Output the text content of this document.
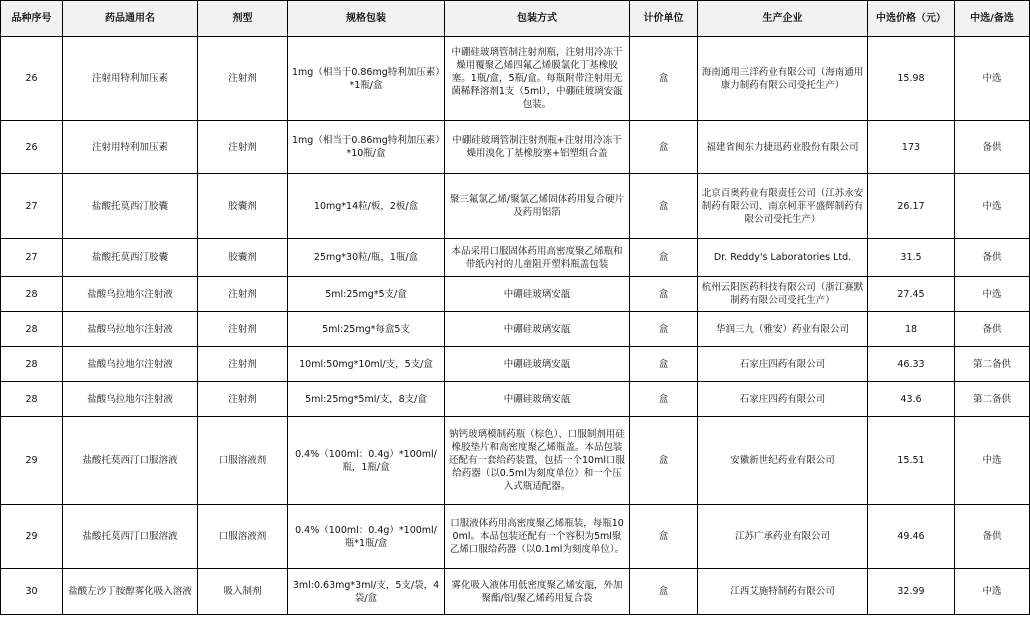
品种序号	药品通用名	剂型	规格包装	包装方式	计价单位	生产企业	中选价格（元）	中选/备选
26	注射用特利加压素	注射剂	1mg（相当于0.86mg特利加压素）*1瓶/盒	中硼硅玻璃管制注射剂瓶，注射用冷冻干燥用覆聚乙烯四氟乙烯膜氯化丁基橡胶塞。1瓶/盒，5瓶/盒。每瓶附带注射用无菌稀释溶剂1支（5ml），中硼硅玻璃安瓿包装。	盒	海南通用三洋药业有限公司（海南通用康力制药有限公司受托生产）	15.98	中选
26	注射用特利加压素	注射剂	1mg（相当于0.86mg特利加压素）*10瓶/盒	中硼硅玻璃管制注射剂瓶+注射用冷冻干燥用溴化丁基橡胶塞+铝塑组合盖	盒	福建省闽东力捷迅药业股份有限公司	173	备供
27	盐酸托莫西汀胶囊	胶囊剂	10mg*14粒/板，2板/盒	聚三氟氯乙烯/聚氯乙烯固体药用复合硬片及药用铝箔	盒	北京百奥药业有限责任公司（江苏永安制药有限公司、南京柯菲平盛辉制药有限公司受托生产）	26.17	中选
27	盐酸托莫西汀胶囊	胶囊剂	25mg*30粒/瓶，1瓶/盒	本品采用口服固体药用高密度聚乙烯瓶和带纸内衬的儿童阻开塑料瓶盖包装	盒	Dr. Reddy's Laboratories Ltd.	31.5	备供
28	盐酸乌拉地尔注射液	注射剂	5ml:25mg*5支/盒	中硼硅玻璃安瓿	盒	杭州云阳医药科技有限公司（浙江赛默制药有限公司受托生产）	27.45	中选
28	盐酸乌拉地尔注射液	注射剂	5ml:25mg*每盒5支	中硼硅玻璃安瓿	盒	华润三九（雅安）药业有限公司	18	备供
28	盐酸乌拉地尔注射液	注射剂	10ml:50mg*10ml/支，5支/盒	中硼硅玻璃安瓿	盒	石家庄四药有限公司	46.33	第二备供
28	盐酸乌拉地尔注射液	注射剂	5ml:25mg*5ml/支，8支/盒	中硼硅玻璃安瓿	盒	石家庄四药有限公司	43.6	第二备供
29	盐酸托莫西汀口服溶液	口服溶液剂	0.4%（100ml：0.4g）*100ml/瓶，1瓶/盒	钠钙玻璃模制药瓶（棕色）、口服制剂用硅橡胶垫片和高密度聚乙烯瓶盖。本品包装还配有一套给药装置，包括一个10ml口服给药器（以0.5ml为刻度单位）和一个压入式瓶适配器。	盒	安徽新世纪药业有限公司	15.51	中选
29	盐酸托莫西汀口服溶液	口服溶液剂	0.4%（100ml：0.4g）*100ml/瓶*1瓶/盒	口服液体药用高密度聚乙烯瓶装，每瓶100ml。本品包装还配有一个容积为5ml聚乙烯口服给药器（以0.1ml为刻度单位）。	盒	江苏广承药业有限公司	49.46	备供
30	盐酸左沙丁胺醇雾化吸入溶液	吸入制剂	3ml:0.63mg*3ml/支，5支/袋，4袋/盒	雾化吸入液体用低密度聚乙烯安瓿，外加聚酯/铝/聚乙烯药用复合袋	盒	江西艾施特制药有限公司	32.99	中选
